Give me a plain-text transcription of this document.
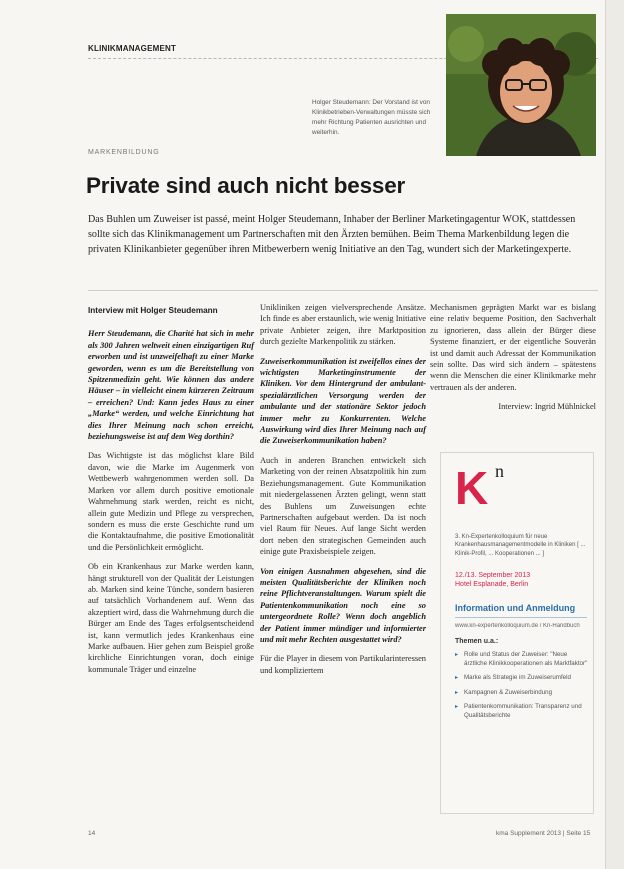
KLINIKMANAGEMENT
Holger Steudemann: Der Vorstand ist von Klinikbetrieben-Verwaltungen müsste sich mehr Richtung Patienten ausrichten und weiterhin.
MARKENBILDUNG
Private sind auch nicht besser
Das Buhlen um Zuweiser ist passé, meint Holger Steudemann, Inhaber der Berliner Marketingagentur WOK, stattdessen sollte sich das Klinikmanagement um Partnerschaften mit den Ärzten bemühen. Beim Thema Markenbildung legen die privaten Klinikanbieter gegenüber ihren Mitbewerbern wenig Initiative an den Tag, wundert sich der Marketingexperte.
Interview mit Holger Steudemann

Herr Steudemann, die Charité hat sich in mehr als 300 Jahren weltweit einen einzigartigen Ruf erworben und ist unzweifelhaft zu einer Marke geworden, wenn es um die Bereitstellung von Spitzenmedizin geht. Wie können das andere Häuser – in vielleicht einem kürzeren Zeitraum – erreichen? Und: Kann jedes Haus zu einer „Marke“ werden, und welche Einrichtung hat dies Ihrer Meinung nach schon erreicht, beziehungsweise ist auf dem Weg dorthin?

Das Wichtigste ist das möglichst klare Bild davon, wie die Marke im Augenmerk von Wettbewerb wahrgenommen werden soll. Da Marken vor allem durch positive emotionale Wahrnehmung stark werden, reicht es nicht, allein gute Medizin und Pflege zu versprechen, sondern es muss die erste Geschichte rund um die Kontaktaufnahme, die positive Emotionalität und die Persönlichkeit ermöglicht.

Ob ein Krankenhaus zur Marke werden kann, hängt strukturell von der Qualität der Leistungen ab. Marken sind keine Tünche, sondern basieren auf tatsächlich Vorhandenem auf. Wenn das akzeptiert wird, dass die Wahrnehmung durch die Bürger am Ende des Tages erfolgsentscheidend ist, kann vermutlich jedes Krankenhaus eine Marke aufbauen. Hier gehen zum Beispiel große kirchliche Einrichtungen voran, doch einige kommunale Träger und einzelne

Unikliniken zeigen vielversprechende Ansätze. Ich finde es aber erstaunlich, wie wenig Initiative private Anbieter zeigen, ihre Marktposition durch gezielte Markenpolitik zu stärken.

Zuweiserkommunikation ist zweifellos eines der wichtigsten Marketinginstrumente der Kliniken. Vor dem Hintergrund der ambulant-spezialärztlichen Versorgung werden der ambulante und der stationäre Sektor jedoch immer mehr zu Konkurrenten. Welche Auswirkung wird dies Ihrer Meinung nach auf die Zuweiserkommunikation haben?

Auch in anderen Branchen entwickelt sich Marketing von der reinen Absatzpolitik hin zum Beziehungsmanagement. Gute Kommunikation mit niedergelassenen Ärzten gelingt, wenn statt des Buhlens um Zuweisungen echte Partnerschaften aufgebaut werden. Da ist noch viel Raum für Neues. Auf lange Sicht werden dort neben den strategischen Gemeinden auch einige gute Praxisbeispiele zeigen.

Von einigen Ausnahmen abgesehen, sind die meisten Qualitätsberichte der Kliniken noch reine Pflichtveranstaltungen. Warum spielt die Patientenkommunikation noch eine so untergeordnete Rolle? Wenn doch angeblich der Patient immer mündiger und informierter und mit mehr Rechten ausgestattet wird?

Für die Player in diesem von Partikularinteressen und kompliziertem

Mechanismen geprägten Markt war es bislang eine relativ bequeme Position, den Sachverhalt zu ignorieren, dass allein der Bürger diese Systeme finanziert, er der eigentliche Souverän ist und damit auch Adressat der Kommunikation sein sollte. Das wird sich ändern – spätestens wenn die Menschen die einer Klinikmarke mehr vertrauen als der anderen.

Interview: Ingrid Mühlnickel

K n
3. Kn-Expertenkolloquium für neue Krankenhausmanagementmodelle in Kliniken [ ... Klinik-Profil, ... Kooperationen ... ]
12./13. September 2013
Hotel Esplanade, Berlin
Information und Anmeldung
www.kn-expertenkolloquium.de / Kn-Handbuch
Themen u.a.:
▸ Rolle und Status der Zuweiser: "Neue ärztliche Klinikkooperationen als Marktfaktor"
▸ Marke als Strategie im Zuweiserumfeld
▸ Kampagnen & Zuweiserbindung
▸ Patientenkommunikation: Transparenz und Qualitätsberichte
14	kma Supplement 2013 | Seite 15
